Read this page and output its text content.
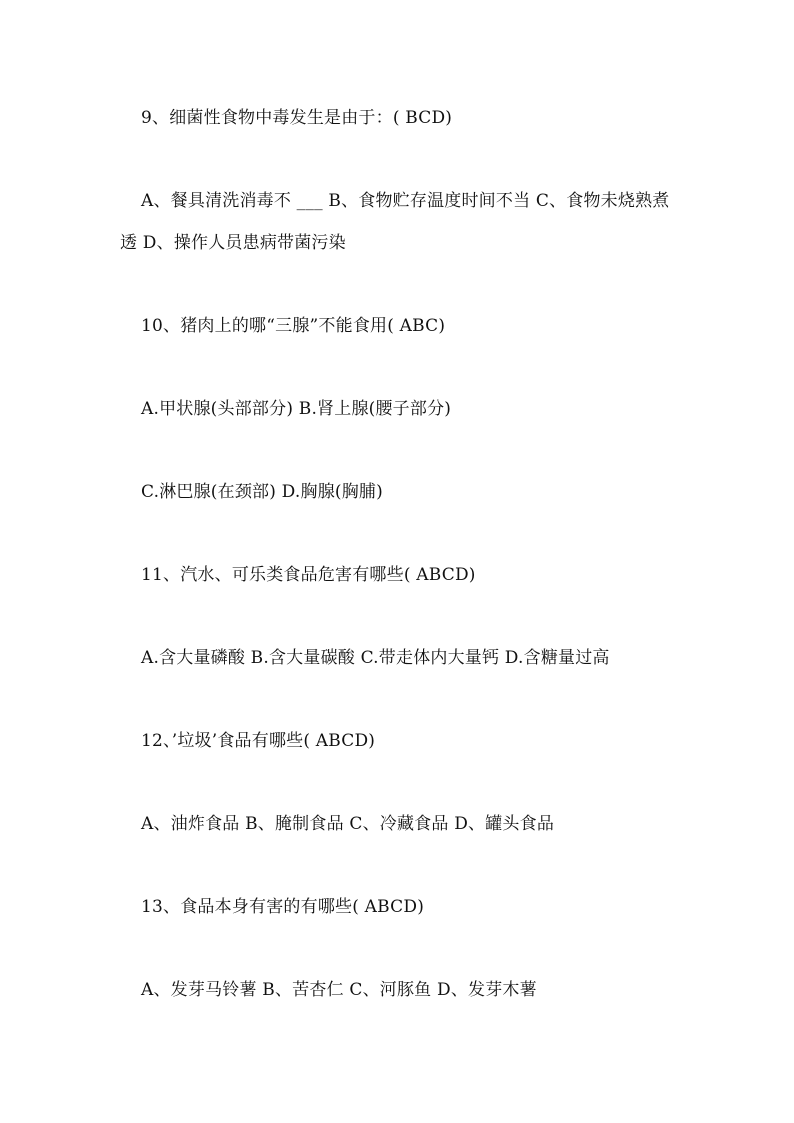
9、细菌性食物中毒发生是由于：( BCD)
A、餐具清洗消毒不 ___ B、食物贮存温度时间不当 C、食物未烧熟煮透 D、操作人员患病带菌污染
10、猪肉上的哪“三腺”不能食用( ABC)
A.甲状腺(头部部分) B.肾上腺(腰子部分)
C.淋巴腺(在颈部) D.胸腺(胸脯)
11、汽水、可乐类食品危害有哪些( ABCD)
A.含大量磷酸 B.含大量碳酸 C.带走体内大量钙 D.含糖量过高
12、’垃圾’食品有哪些( ABCD)
A、油炸食品 B、腌制食品 C、冷藏食品 D、罐头食品
13、食品本身有害的有哪些( ABCD)
A、发芽马铃薯 B、苦杏仁 C、河豚鱼 D、发芽木薯
